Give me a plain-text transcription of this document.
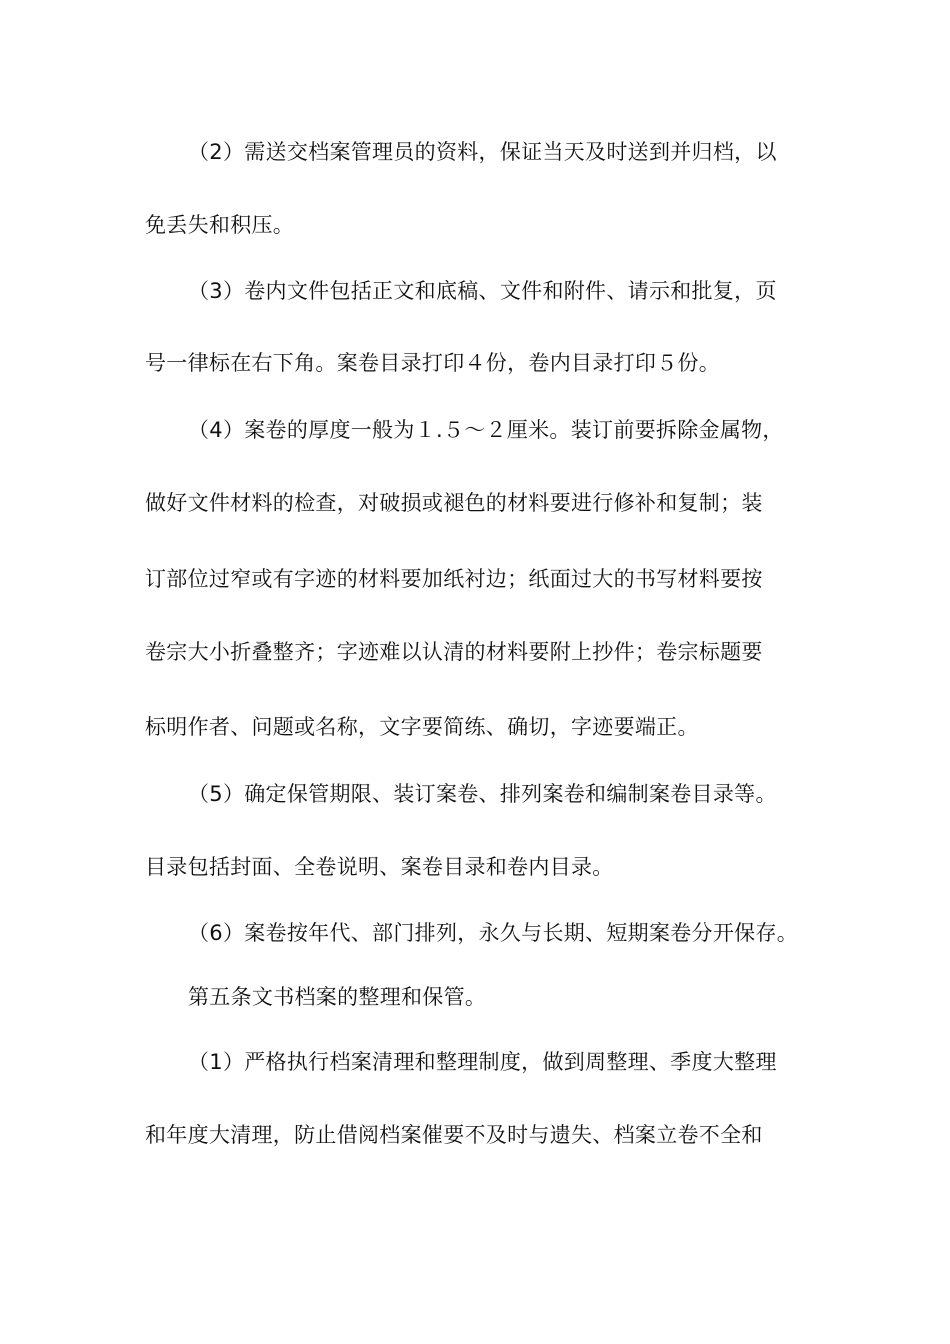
（2）需送交档案管理员的资料，保证当天及时送到并归档，以
免丢失和积压。
（3）卷内文件包括正文和底稿、文件和附件、请示和批复，页
号一律标在右下角。案卷目录打印４份，卷内目录打印５份。
（4）案卷的厚度一般为１.５～２厘米。装订前要拆除金属物，
做好文件材料的检查，对破损或褪色的材料要进行修补和复制；装
订部位过窄或有字迹的材料要加纸衬边；纸面过大的书写材料要按
卷宗大小折叠整齐；字迹难以认清的材料要附上抄件；卷宗标题要
标明作者、问题或名称，文字要简练、确切，字迹要端正。
（5）确定保管期限、装订案卷、排列案卷和编制案卷目录等。
目录包括封面、全卷说明、案卷目录和卷内目录。
（6）案卷按年代、部门排列，永久与长期、短期案卷分开保存。
第五条文书档案的整理和保管。
（1）严格执行档案清理和整理制度，做到周整理、季度大整理
和年度大清理，防止借阅档案催要不及时与遗失、档案立卷不全和
